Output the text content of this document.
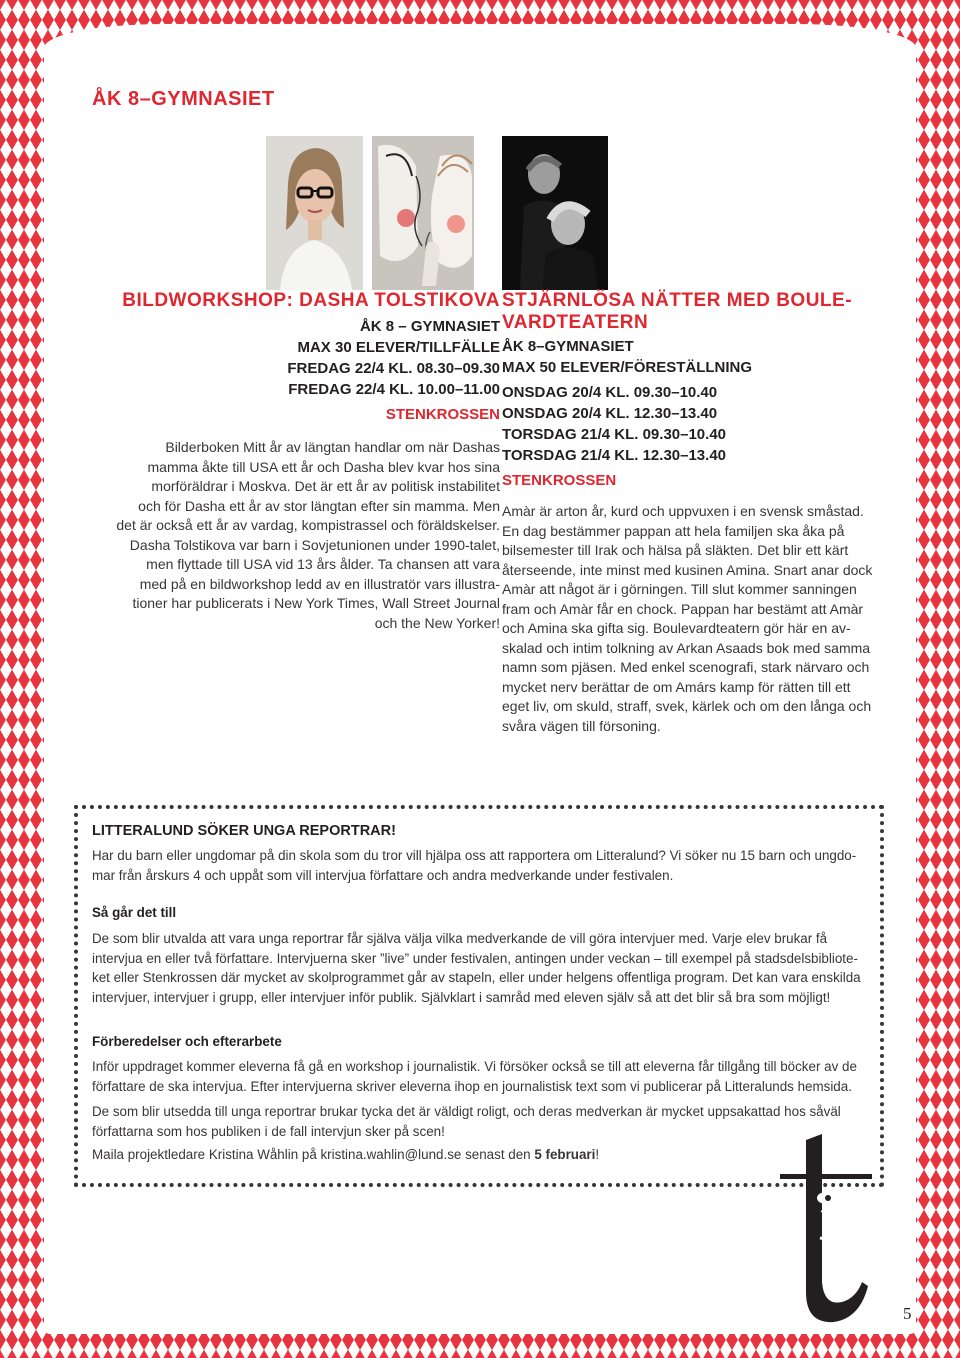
ÅK 8–GYMNASIET
BILDWORKSHOP: DASHA TOLSTIKOVA
ÅK 8 – GYMNASIET
MAX 30 ELEVER/TILLFÄLLE
FREDAG 22/4 KL. 08.30–09.30
FREDAG 22/4 KL. 10.00–11.00
STENKROSSEN
Bilderboken Mitt år av längtan handlar om när Dashas
mamma åkte till USA ett år och Dasha blev kvar hos sina
morföräldrar i Moskva. Det är ett år av politisk instabilitet
och för Dasha ett år av stor längtan efter sin mamma. Men
det är också ett år av vardag, kompistrassel och föräldskelser.
Dasha Tolstikova var barn i Sovjetunionen under 1990-talet,
men flyttade till USA vid 13 års ålder. Ta chansen att vara
med på en bildworkshop ledd av en illustratör vars illustra-
tioner har publicerats i New York Times, Wall Street Journal
och the New Yorker!
STJÄRNLÖSA NÄTTER MED BOULE-
VARDTEATERN
ÅK 8–GYMNASIET
MAX 50 ELEVER/FÖRESTÄLLNING
ONSDAG 20/4 KL. 09.30–10.40
ONSDAG 20/4 KL. 12.30–13.40
TORSDAG 21/4 KL. 09.30–10.40
TORSDAG 21/4 KL. 12.30–13.40
STENKROSSEN
Amàr är arton år, kurd och uppvuxen i en svensk småstad.
En dag bestämmer pappan att hela familjen ska åka på
bilsemester till Irak och hälsa på släkten. Det blir ett kärt
återseende, inte minst med kusinen Amina. Snart anar dock
Amàr att något är i görningen. Till slut kommer sanningen
fram och Amàr får en chock. Pappan har bestämt att Amàr
och Amina ska gifta sig. Boulevardteatern gör här en av-
skalad och intim tolkning av Arkan Asaads bok med samma
namn som pjäsen. Med enkel scenografi, stark närvaro och
mycket nerv berättar de om Amárs kamp för rätten till ett
eget liv, om skuld, straff, svek, kärlek och om den långa och
svåra vägen till försoning.
LITTERALUND SÖKER UNGA REPORTRAR!
Har du barn eller ungdomar på din skola som du tror vill hjälpa oss att rapportera om Litteralund? Vi söker nu 15 barn och ungdo-
mar från årskurs 4 och uppåt som vill intervjua författare och andra medverkande under festivalen.
Så går det till
De som blir utvalda att vara unga reportrar får själva välja vilka medverkande de vill göra intervjuer med. Varje elev brukar få
intervjua en eller två författare. Intervjuerna sker ”live” under festivalen, antingen under veckan – till exempel på stadsdelsbibliote-
ket eller Stenkrossen där mycket av skolprogrammet går av stapeln, eller under helgens offentliga program. Det kan vara enskilda
intervjuer, intervjuer i grupp, eller intervjuer inför publik. Självklart i samråd med eleven själv så att det blir så bra som möjligt!
Förberedelser och efterarbete
Inför uppdraget kommer eleverna få gå en workshop i journalistik. Vi försöker också se till att eleverna får tillgång till böcker av de
författare de ska intervjua. Efter intervjuerna skriver eleverna ihop en journalistisk text som vi publicerar på Litteralunds hemsida.
De som blir utsedda till unga reportrar brukar tycka det är väldigt roligt, och deras medverkan är mycket uppsakattad hos såväl
författarna som hos publiken i de fall intervjun sker på scen!
Maila projektledare Kristina Wåhlin på kristina.wahlin@lund.se senast den 5 februari!
5
